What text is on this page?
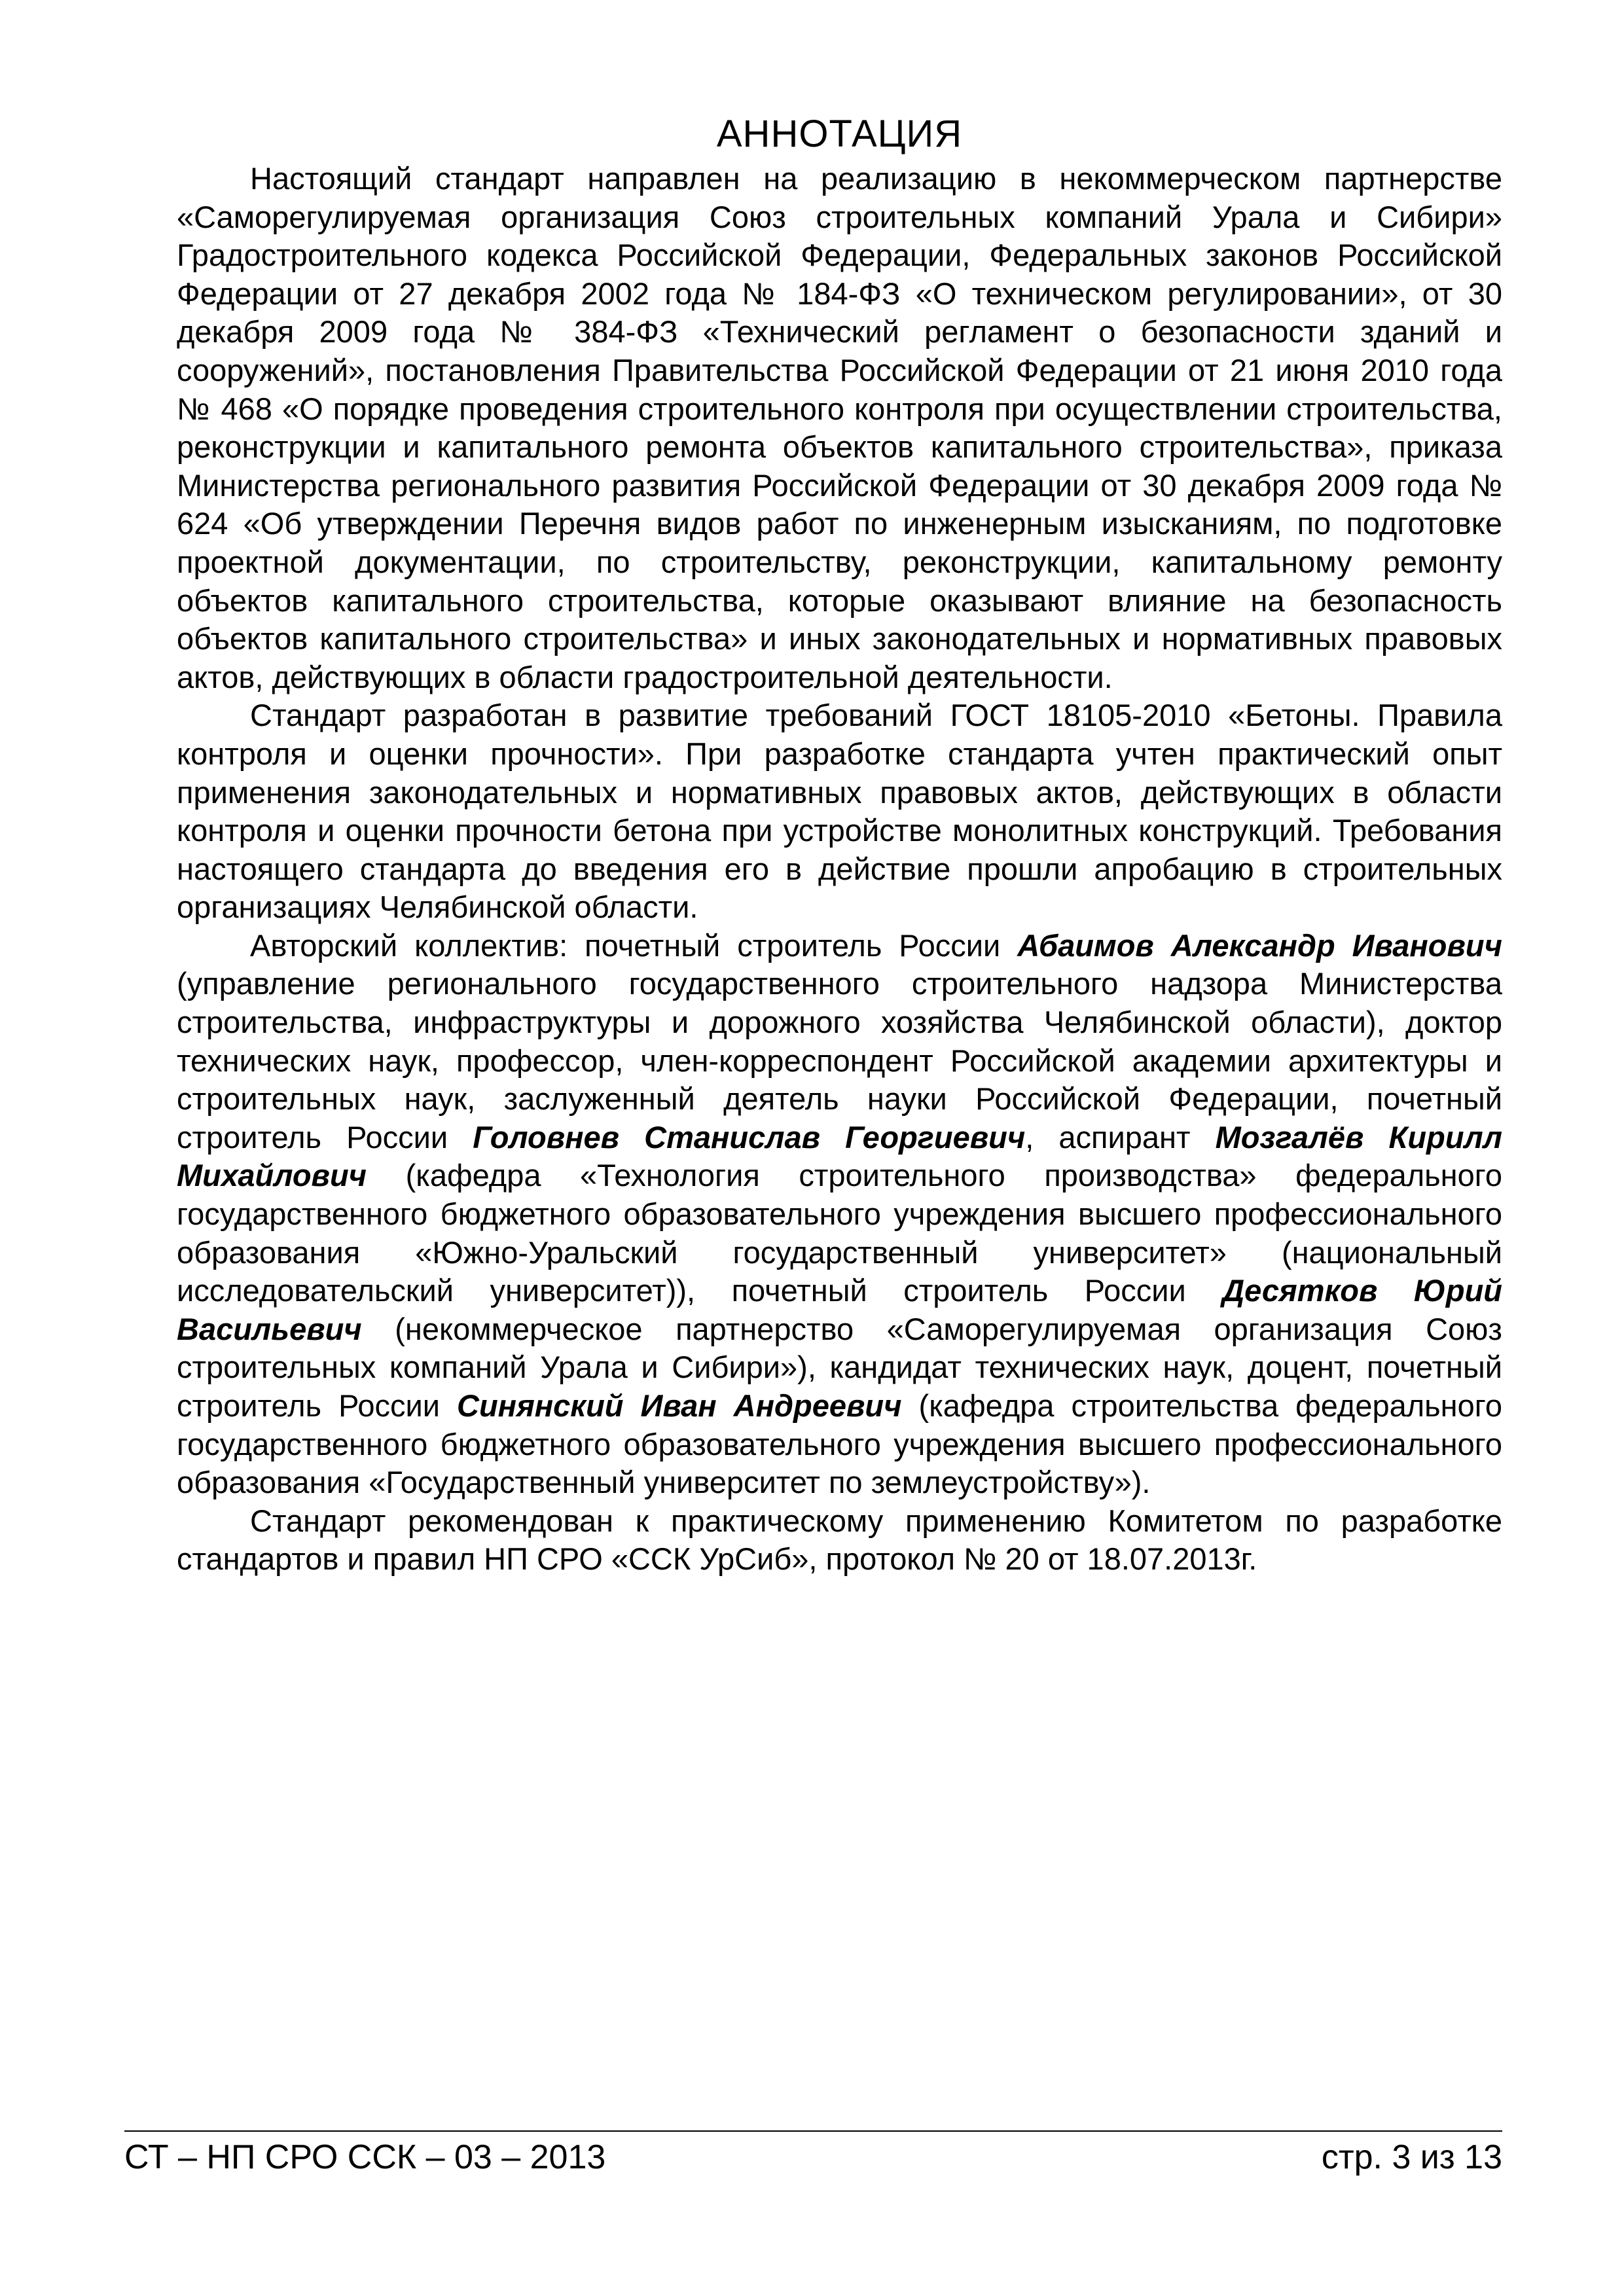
АННОТАЦИЯ

Настоящий стандарт направлен на реализацию в некоммерческом партнерстве «Саморегулируемая организация Союз строительных компаний Урала и Сибири» Градостроительного кодекса Российской Федерации, Федеральных законов Российской Федерации от 27 декабря 2002 года № 184-ФЗ «О техническом регулировании», от 30 декабря 2009 года № 384-ФЗ «Технический регламент о безопасности зданий и сооружений», постановления Правительства Российской Федерации от 21 июня 2010 года № 468 «О порядке проведения строительного контроля при осуществлении строительства, реконструкции и капитального ремонта объектов капитального строительства», приказа Министерства регионального развития Российской Федерации от 30 декабря 2009 года № 624 «Об утверждении Перечня видов работ по инженерным изысканиям, по подготовке проектной документации, по строительству, реконструкции, капитальному ремонту объектов капитального строительства, которые оказывают влияние на безопасность объектов капитального строительства» и иных законодательных и нормативных правовых актов, действующих в области градостроительной деятельности.

Стандарт разработан в развитие требований ГОСТ 18105-2010 «Бетоны. Правила контроля и оценки прочности». При разработке стандарта учтен практический опыт применения законодательных и нормативных правовых актов, действующих в области контроля и оценки прочности бетона при устройстве монолитных конструкций. Требования настоящего стандарта до введения его в действие прошли апробацию в строительных организациях Челябинской области.

Авторский коллектив: почетный строитель России Абаимов Александр Иванович (управление регионального государственного строительного надзора Министерства строительства, инфраструктуры и дорожного хозяйства Челябинской области), доктор технических наук, профессор, член-корреспондент Российской академии архитектуры и строительных наук, заслуженный деятель науки Российской Федерации, почетный строитель России Головнев Станислав Георгиевич, аспирант Мозгалёв Кирилл Михайлович (кафедра «Технология строительного производства» федерального государственного бюджетного образовательного учреждения высшего профессионального образования «Южно-Уральский государственный университет» (национальный исследовательский университет)), почетный строитель России Десятков Юрий Васильевич (некоммерческое партнерство «Саморегулируемая организация Союз строительных компаний Урала и Сибири»), кандидат технических наук, доцент, почетный строитель России Синянский Иван Андреевич (кафедра строительства федерального государственного бюджетного образовательного учреждения высшего профессионального образования «Государственный университет по землеустройству»).

Стандарт рекомендован к практическому применению Комитетом по разработке стандартов и правил НП СРО «ССК УрСиб», протокол № 20 от 18.07.2013г.

СТ – НП СРО ССК – 03 – 2013	стр. 3 из 13
